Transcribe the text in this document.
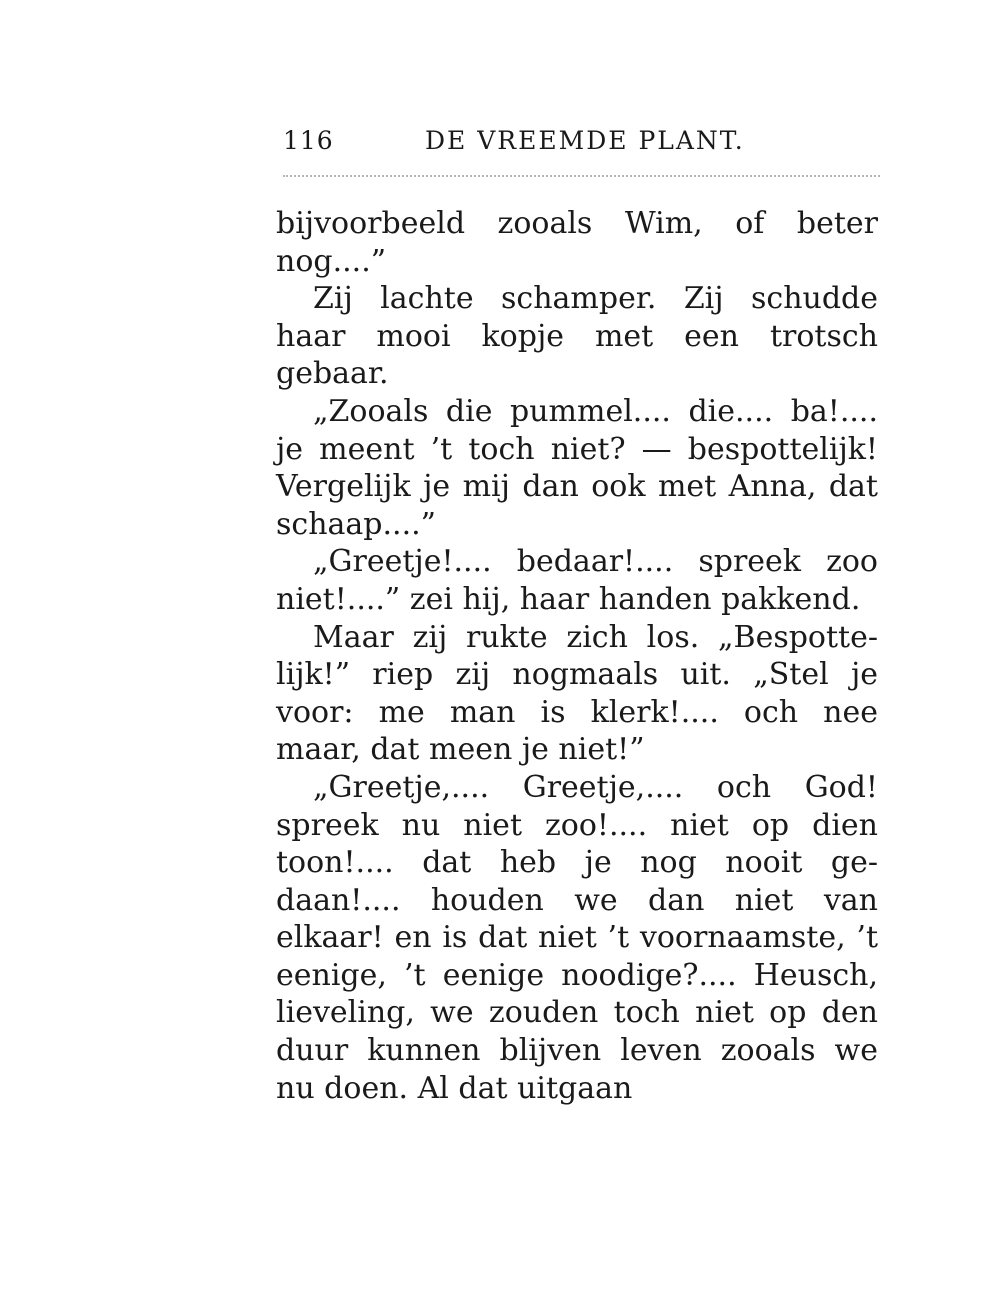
116	DE VREEMDE PLANT.

bijvoorbeeld zooals Wim, of beter nog....”

Zij lachte schamper. Zij schudde haar mooi kopje met een trotsch gebaar.

„Zooals die pummel.... die.... ba!.... je meent ’t toch niet? — bespottelijk! Vergelijk je mij dan ook met Anna, dat schaap....”

„Greetje!.... bedaar!.... spreek zoo niet!....” zei hij, haar handen pakkend.

Maar zij rukte zich los. „Bespottelijk!” riep zij nogmaals uit. „Stel je voor: me man is klerk!.... och nee maar, dat meen je niet!”

„Greetje,.... Greetje,.... och God! spreek nu niet zoo!.... niet op dien toon!.... dat heb je nog nooit gedaan!.... houden we dan niet van elkaar! en is dat niet ’t voornaamste, ’t eenige, ’t eenige noodige?.... Heusch, lieveling, we zouden toch niet op den duur kunnen blijven leven zooals we nu doen. Al dat uitgaan
